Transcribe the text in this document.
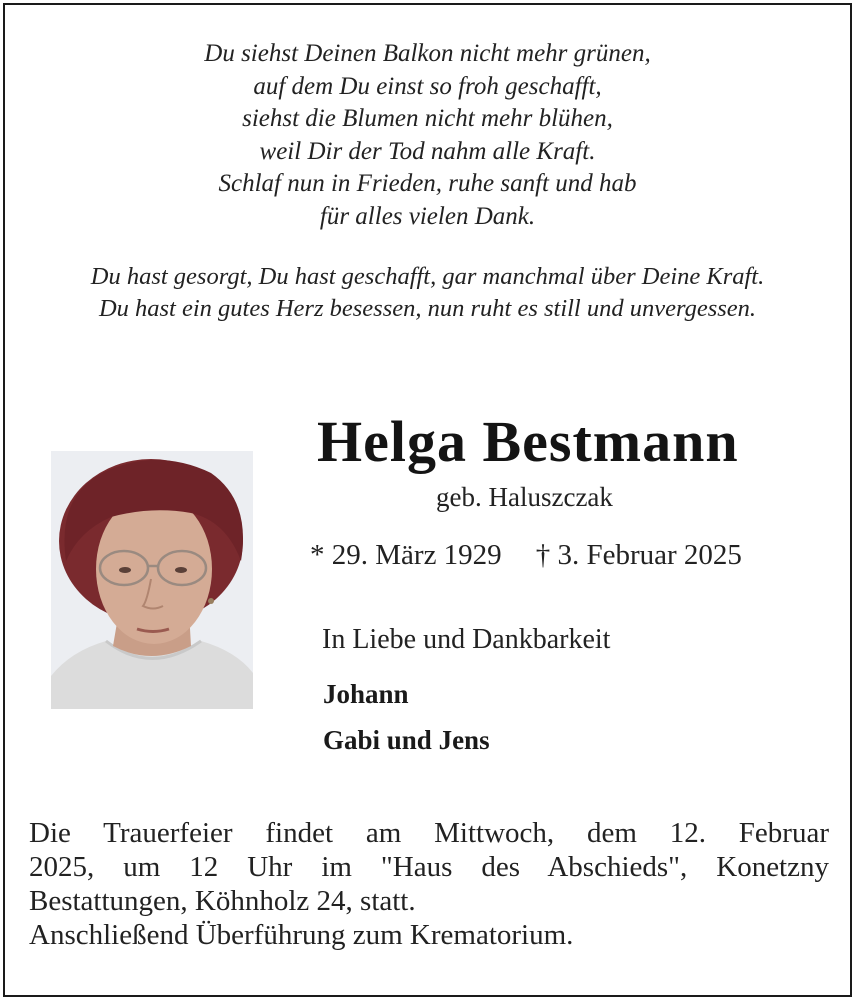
Du siehst Deinen Balkon nicht mehr grünen,
auf dem Du einst so froh geschafft,
siehst die Blumen nicht mehr blühen,
weil Dir der Tod nahm alle Kraft.
Schlaf nun in Frieden, ruhe sanft und hab
für alles vielen Dank.
Du hast gesorgt, Du hast geschafft, gar manchmal über Deine Kraft.
Du hast ein gutes Herz besessen, nun ruht es still und unvergessen.
Helga Bestmann
geb. Haluszczak
* 29. März 1929 † 3. Februar 2025
In Liebe und Dankbarkeit
Johann
Gabi und Jens
Die Trauerfeier findet am Mittwoch, dem 12. Februar
2025, um 12 Uhr im "Haus des Abschieds", Konetzny
Bestattungen, Köhnholz 24, statt.
Anschließend Überführung zum Krematorium.
